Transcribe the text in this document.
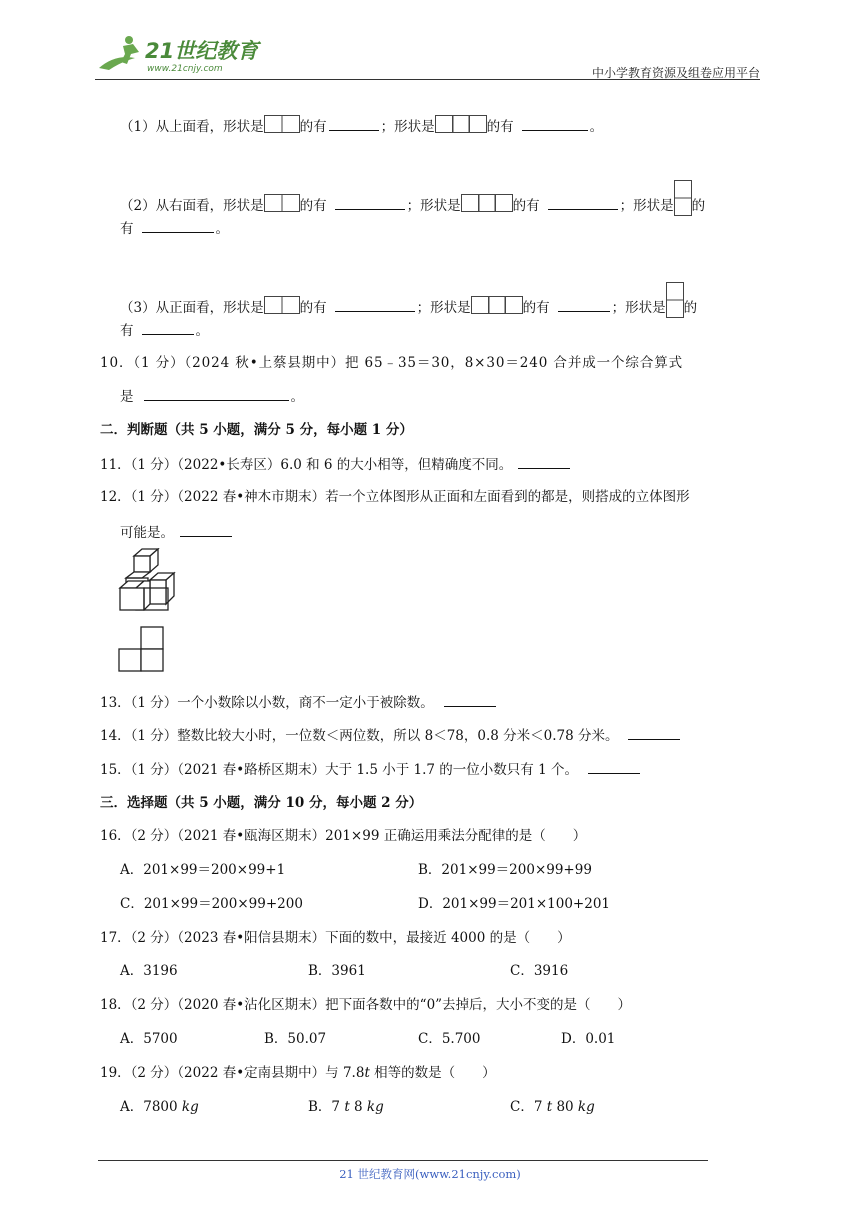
21世纪教育
www.21cnjy.com	中小学教育资源及组卷应用平台
（1）从上面看，形状是	的有	；形状是	的有	。
（2）从右面看，形状是	的有	；形状是	的有	；形状是 的
有	。
（3）从正面看，形状是	的有	；形状是	的有	；形状是 的
有	。
10．（1 分）（2024 秋•上蔡县期中）把 65﹣35＝30，8×30＝240 合并成一个综合算式
是	。
二．判断题（共 5 小题，满分 5 分，每小题 1 分）
11．（1 分）（2022•长寿区）6.0 和 6 的大小相等，但精确度不同。
12．（1 分）（2022 春•神木市期末）若一个立体图形从正面和左面看到的都是，则搭成的立体图形
可能是。
13．（1 分）一个小数除以小数，商不一定小于被除数。
14．（1 分）整数比较大小时，一位数＜两位数，所以 8＜78，0.8 分米＜0.78 分米。
15．（1 分）（2021 春•路桥区期末）大于 1.5 小于 1.7 的一位小数只有 1 个。
三．选择题（共 5 小题，满分 10 分，每小题 2 分）
16．（2 分）（2021 春•瓯海区期末）201×99 正确运用乘法分配律的是（　　）
A．201×99＝200×99+1	B．201×99＝200×99+99
C．201×99＝200×99+200	D．201×99＝201×100+201
17．（2 分）（2023 春•阳信县期末）下面的数中，最接近 4000 的是（　　）
A．3196	B．3961	C．3916
18．（2 分）（2020 春•沾化区期末）把下面各数中的“0”去掉后，大小不变的是（　　）
A．5700	B．50.07	C．5.700	D．0.01
19．（2 分）（2022 春•定南县期中）与 7.8t 相等的数是（　　）
A．7800 kg	B．7 t 8 kg	C．7 t 80 kg
21 世纪教育网(www.21cnjy.com)
